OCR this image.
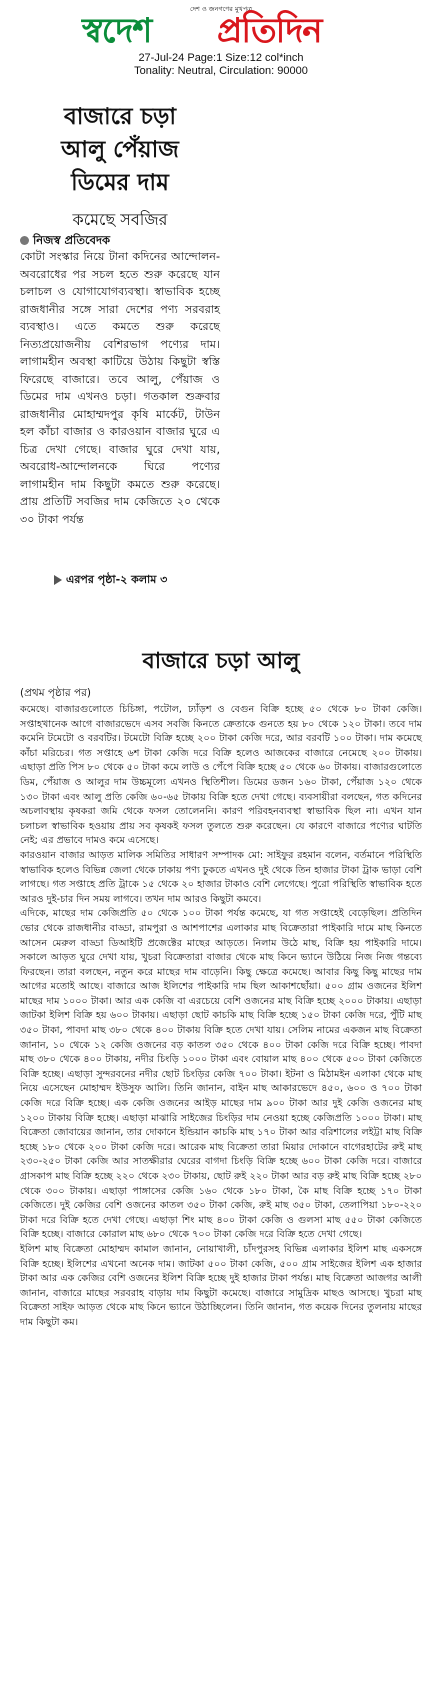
দেশ ও জনগণের মুখপত্র
স্বদেশ প্রতিদিন
27-Jul-24 Page:1 Size:12 col*inch
Tonality: Neutral, Circulation: 90000
বাজারে চড়া
আলু পেঁয়াজ
ডিমের দাম
কমেছে সবজির
নিজস্ব প্রতিবেদক
কোটা সংস্কার নিয়ে টানা কদিনের আন্দোলন-অবরোধের পর সচল হতে শুরু করেছে যান চলাচল ও যোগাযোগব্যবস্থা। স্বাভাবিক হচ্ছে রাজধানীর সঙ্গে সারা দেশের পণ্য সরবরাহ ব্যবস্থাও। এতে কমতে শুরু করেছে নিত্যপ্রয়োজনীয় বেশিরভাগ পণ্যের দাম। লাগামহীন অবস্থা কাটিয়ে উঠায় কিছুটা স্বস্তি ফিরেছে বাজারে। তবে আলু, পেঁয়াজ ও ডিমের দাম এখনও চড়া। গতকাল শুক্রবার রাজধানীর মোহাম্মদপুর কৃষি মার্কেট, টাউন হল কাঁচা বাজার ও কারওয়ান বাজার ঘুরে এ চিত্র দেখা গেছে। বাজার ঘুরে দেখা যায়, অবরোধ-আন্দোলনকে ঘিরে পণ্যের লাগামহীন দাম কিছুটা কমতে শুরু করেছে। প্রায় প্রতিটি সবজির দাম কেজিতে ২০ থেকে ৩০ টাকা পর্যন্ত
এরপর পৃষ্ঠা-২ কলাম ৩
বাজারে চড়া আলু
(প্রথম পৃষ্ঠার পর)

কমেছে। বাজারগুলোতে চিচিঙ্গা, পটোল, ঢ্যাঁড়শ ও বেগুন বিক্রি হচ্ছে ৫০ থেকে ৮০ টাকা কেজি। সপ্তাহখানেক আগে বাজারভেদে এসব সবজি কিনতে ক্রেতাকে গুনতে হয় ৮০ থেকে ১২০ টাকা। তবে দাম কমেনি টমেটো ও বরবটির। টমেটো বিক্রি হচ্ছে ২০০ টাকা কেজি দরে, আর বরবটি ১০০ টাকা। দাম কমেছে কাঁচা মরিচের। গত সপ্তাহে ৬শ টাকা কেজি দরে বিক্রি হলেও আজকের বাজারে নেমেছে ২০০ টাকায়। এছাড়া প্রতি পিস ৮০ থেকে ৫০ টাকা কমে লাউ ও পেঁপে বিক্রি হচ্ছে ৫০ থেকে ৬০ টাকায়। বাজারগুলোতে ডিম, পেঁয়াজ ও আলুর দাম উচ্চমূল্যে এখনও স্থিতিশীল। ডিমের ডজন ১৬০ টাকা, পেঁয়াজ ১২০ থেকে ১৩০ টাকা এবং আলু প্রতি কেজি ৬০-৬৫ টাকায় বিক্রি হতে দেখা গেছে। ব্যবসায়ীরা বলছেন, গত কদিনের অচলাবস্থায় কৃষকরা জমি থেকে ফসল তোলেননি। কারণ পরিবহনব্যবস্থা স্বাভাবিক ছিল না। এখন যান চলাচল স্বাভাবিক হওয়ায় প্রায় সব কৃষকই ফসল তুলতে শুরু করেছেন। যে কারণে বাজারে পণ্যের ঘাটতি নেই; এর প্রভাবে দামও কমে এসেছে।

কারওয়ান বাজার আড়ত মালিক সমিতির সাধারণ সম্পাদক মো: সাইফুর রহমান বলেন, বর্তমানে পরিস্থিতি স্বাভাবিক হলেও বিভিন্ন জেলা থেকে ঢাকায় পণ্য ঢুকতে এখনও দুই থেকে তিন হাজার টাকা ট্রাক ভাড়া বেশি লাগছে। গত সপ্তাহে প্রতি ট্রাকে ১৫ থেকে ২০ হাজার টাকাও বেশি লেগেছে। পুরো পরিস্থিতি স্বাভাবিক হতে আরও দুই-চার দিন সময় লাগবে। তখন দাম আরও কিছুটা কমবে।

এদিকে, মাছের দাম কেজিপ্রতি ৫০ থেকে ১০০ টাকা পর্যন্ত কমেছে, যা গত সপ্তাহেই বেড়েছিল। প্রতিদিন ভোর থেকে রাজধানীর বাড্ডা, রামপুরা ও আশপাশের এলাকার মাছ বিক্রেতারা পাইকারি দামে মাছ কিনতে আসেন মেরুল বাড্ডা ডিআইটি প্রজেক্টের মাছের আড়তে। নিলাম উঠে মাছ, বিক্রি হয় পাইকারি দামে। সকালে আড়ত ঘুরে দেখা যায়, খুচরা বিক্রেতারা বাজার থেকে মাছ কিনে ভ্যানে উঠিয়ে নিজ নিজ গন্তব্যে ফিরছেন। তারা বলছেন, নতুন করে মাছের দাম বাড়েনি। কিছু ক্ষেত্রে কমেছে। আবার কিছু কিছু মাছের দাম আগের মতোই আছে। বাজারে আজ ইলিশের পাইকারি দাম ছিল আকাশছোঁয়া। ৫০০ গ্রাম ওজনের ইলিশ মাছের দাম ১০০০ টাকা। আর এক কেজি বা এরচেয়ে বেশি ওজনের মাছ বিক্রি হচ্ছে ২০০০ টাকায়। এছাড়া জাটকা ইলিশ বিক্রি হয় ৬০০ টাকায়। এছাড়া ছোট কাচকি মাছ বিক্রি হচ্ছে ১৫০ টাকা কেজি দরে, পুঁটি মাছ ৩৫০ টাকা, পাবদা মাছ ৩৮০ থেকে ৪০০ টাকায় বিক্রি হতে দেখা যায়। সেলিম নামের একজন মাছ বিক্রেতা জানান, ১০ থেকে ১২ কেজি ওজনের বড় কাতল ৩৫০ থেকে ৪০০ টাকা কেজি দরে বিক্রি হচ্ছে। পাবদা মাছ ৩৮০ থেকে ৪০০ টাকায়, নদীর চিংড়ি ১০০০ টাকা এবং বোয়াল মাছ ৪০০ থেকে ৫০০ টাকা কেজিতে বিক্রি হচ্ছে। এছাড়া সুন্দরবনের নদীর ছোট চিংড়ির কেজি ৭০০ টাকা। ইটনা ও মিঠামইন এলাকা থেকে মাছ নিয়ে এসেছেন মোহাম্মদ ইউসুফ আলি। তিনি জানান, বাইন মাছ আকারভেদে ৪৫০, ৬০০ ও ৭০০ টাকা কেজি দরে বিক্রি হচ্ছে। এক কেজি ওজনের আইড় মাছের দাম ৯০০ টাকা আর দুই কেজি ওজনের মাছ ১২০০ টাকায় বিক্রি হচ্ছে। এছাড়া মাঝারি সাইজের চিংড়ির দাম নেওয়া হচ্ছে কেজিপ্রতি ১০০০ টাকা। মাছ বিক্রেতা জোবায়ের জানান, তার দোকানে ইন্ডিয়ান কাচকি মাছ ১৭০ টাকা আর বরিশালের লইট্টা মাছ বিক্রি হচ্ছে ১৮০ থেকে ২০০ টাকা কেজি দরে। আরেক মাছ বিক্রেতা তারা মিয়ার দোকানে বাগেরহাটের রুই মাছ ২৩০-২৫০ টাকা কেজি আর সাতক্ষীরার ঘেরের বাগদা চিংড়ি বিক্রি হচ্ছে ৬০০ টাকা কেজি দরে। বাজারে গ্রাসকাপ মাছ বিক্রি হচ্ছে ২২০ থেকে ২৩০ টাকায়, ছোট রুই ২২০ টাকা আর বড় রুই মাছ বিক্রি হচ্ছে ২৮০ থেকে ৩০০ টাকায়। এছাড়া পাঙ্গাসের কেজি ১৬০ থেকে ১৮০ টাকা, কৈ মাছ বিক্রি হচ্ছে ১৭০ টাকা কেজিতে। দুই কেজির বেশি ওজনের কাতল ৩৫০ টাকা কেজি, রুই মাছ ৩৫০ টাকা, তেলাপিয়া ১৮০-২২০ টাকা দরে বিক্রি হতে দেখা গেছে। এছাড়া শিং মাছ ৪০০ টাকা কেজি ও গুলসা মাছ ৫৫০ টাকা কেজিতে বিক্রি হচ্ছে। বাজারে কোরাল মাছ ৬৮০ থেকে ৭০০ টাকা কেজি দরে বিক্রি হতে দেখা গেছে।

ইলিশ মাছ বিক্রেতা মোহাম্মদ কামাল জানান, নোয়াখালী, চাঁদপুরসহ বিভিন্ন এলাকার ইলিশ মাছ একসঙ্গে বিক্রি হচ্ছে। ইলিশের এখনো অনেক দাম। জাটকা ৫০০ টাকা কেজি, ৫০০ গ্রাম সাইজের ইলিশ এক হাজার টাকা আর এক কেজির বেশি ওজনের ইলিশ বিক্রি হচ্ছে দুই হাজার টাকা পর্যন্ত। মাছ বিক্রেতা আজগর আলী জানান, বাজারে মাছের সরবরাহ বাড়ায় দাম কিছুটা কমেছে। বাজারে সামুদ্রিক মাছও আসছে। খুচরা মাছ বিক্রেতা সাইফ আড়ত থেকে মাছ কিনে ভ্যানে উঠাচ্ছিলেন। তিনি জানান, গত কয়েক দিনের তুলনায় মাছের দাম কিছুটা কম।
